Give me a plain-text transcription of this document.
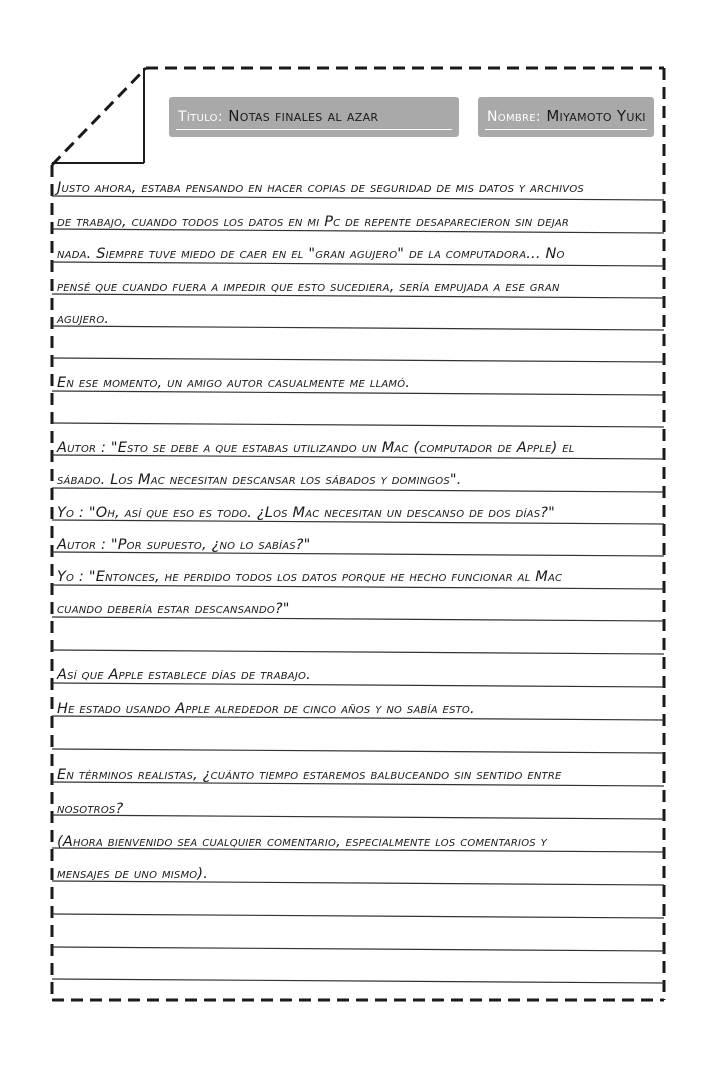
Título: Notas finales al azar	Nombre: Miyamoto Yuki
Justo ahora, estaba pensando en hacer copias de seguridad de mis datos y archivos
de trabajo, cuando todos los datos en mi Pc de repente desaparecieron sin dejar
nada. Siempre tuve miedo de caer en el "gran agujero" de la computadora... No
pensé que cuando fuera a impedir que esto sucediera, sería empujada a ese gran
agujero.
En ese momento, un amigo autor casualmente me llamó.
Autor : "Esto se debe a que estabas utilizando un Mac (computador de Apple) el
sábado. Los Mac necesitan descansar los sábados y domingos".
Yo : "Oh, así que eso es todo. ¿Los Mac necesitan un descanso de dos días?"
Autor : "Por supuesto, ¿no lo sabías?"
Yo : "Entonces, he perdido todos los datos porque he hecho funcionar al Mac
cuando debería estar descansando?"
Así que Apple establece días de trabajo.
He estado usando Apple alrededor de cinco años y no sabía esto.
En términos realistas, ¿cuánto tiempo estaremos balbuceando sin sentido entre
nosotros?
(Ahora bienvenido sea cualquier comentario, especialmente los comentarios y
mensajes de uno mismo).
